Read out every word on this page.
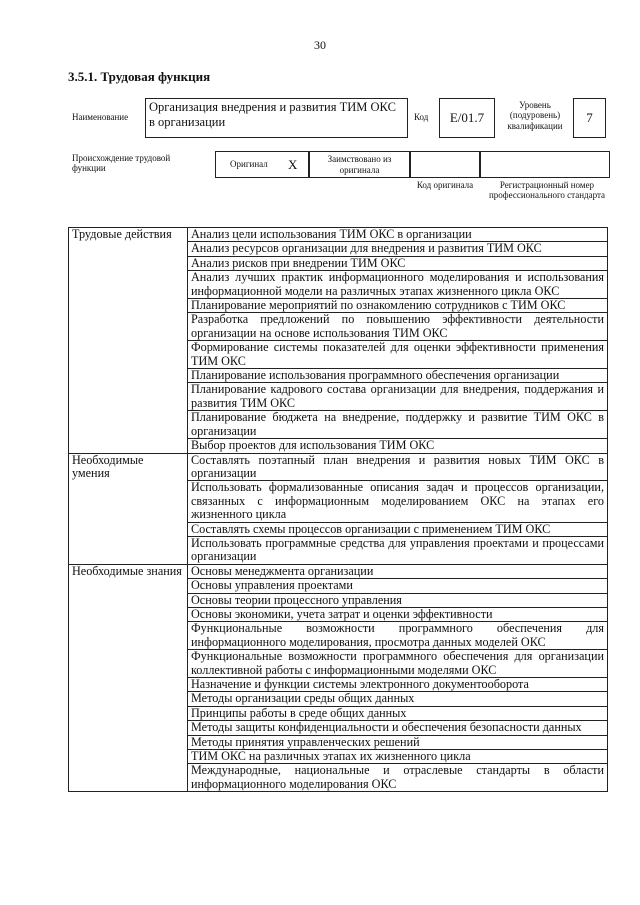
30
3.5.1. Трудовая функция
Наименование
Организация внедрения и развития ТИМ ОКС в организации	Код	Е/01.7
Уровень (подуровень) квалификации
7
Происхождение трудовой функции	Оригинал X	Заимствовано из оригинала
Код оригинала	Регистрационный номер профессионального стандарта
Трудовые действия	Анализ цели использования ТИМ ОКС в организации
	Анализ ресурсов организации для внедрения и развития ТИМ ОКС
	Анализ рисков при внедрении ТИМ ОКС
	Анализ лучших практик информационного моделирования и использования информационной модели на различных этапах жизненного цикла ОКС
	Планирование мероприятий по ознакомлению сотрудников с ТИМ ОКС
	Разработка предложений по повышению эффективности деятельности организации на основе использования ТИМ ОКС
	Формирование системы показателей для оценки эффективности применения ТИМ ОКС
	Планирование использования программного обеспечения организации
	Планирование кадрового состава организации для внедрения, поддержания и развития ТИМ ОКС
	Планирование бюджета на внедрение, поддержку и развитие ТИМ ОКС в организации
	Выбор проектов для использования ТИМ ОКС
Необходимые умения	Составлять поэтапный план внедрения и развития новых ТИМ ОКС в организации
	Использовать формализованные описания задач и процессов организации, связанных с информационным моделированием ОКС на этапах его жизненного цикла
	Составлять схемы процессов организации с применением ТИМ ОКС
	Использовать программные средства для управления проектами и процессами организации
Необходимые знания	Основы менеджмента организации
	Основы управления проектами
	Основы теории процессного управления
	Основы экономики, учета затрат и оценки эффективности
	Функциональные возможности программного обеспечения для информационного моделирования, просмотра данных моделей ОКС
	Функциональные возможности программного обеспечения для организации коллективной работы с информационными моделями ОКС
	Назначение и функции системы электронного документооборота
	Методы организации среды общих данных
	Принципы работы в среде общих данных
	Методы защиты конфиденциальности и обеспечения безопасности данных
	Методы принятия управленческих решений
	ТИМ ОКС на различных этапах их жизненного цикла
	Международные, национальные и отраслевые стандарты в области информационного моделирования ОКС
